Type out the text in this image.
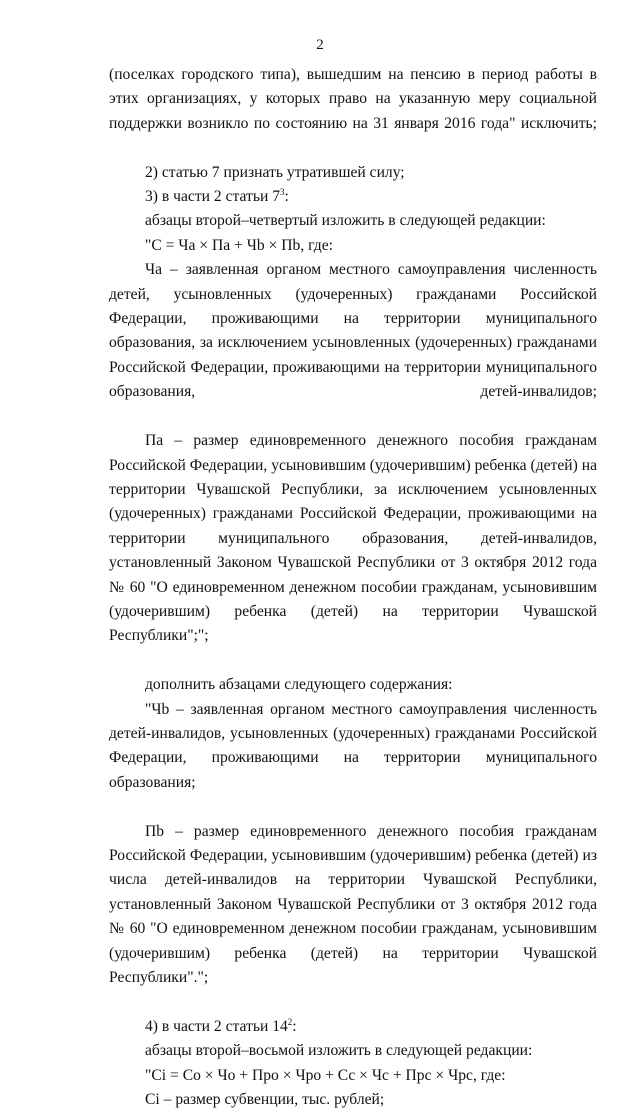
2

(поселках городского типа), вышедшим на пенсию в период работы в этих организациях, у которых право на указанную меру социальной поддержки возникло по состоянию на 31 января 2016 года" исключить;

2) статью 7 признать утратившей силу;

3) в части 2 статьи $7^3$:

абзацы второй–четвертый изложить в следующей редакции:

"С = Ча × Па + Чb × Пb, где:

Ча – заявленная органом местного самоуправления численность детей, усыновленных (удочеренных) гражданами Российской Федерации, проживающими на территории муниципального образования, за исключением усыновленных (удочеренных) гражданами Российской Федерации, проживающими на территории муниципального образования, детей-инвалидов;

Па – размер единовременного денежного пособия гражданам Российской Федерации, усыновившим (удочерившим) ребенка (детей) на территории Чувашской Республики, за исключением усыновленных (удочеренных) гражданами Российской Федерации, проживающими на территории муниципального образования, детей-инвалидов, установленный Законом Чувашской Республики от 3 октября 2012 года № 60 "О единовременном денежном пособии гражданам, усыновившим (удочерившим) ребенка (детей) на территории Чувашской Республики";";

дополнить абзацами следующего содержания:

"Чb – заявленная органом местного самоуправления численность детей-инвалидов, усыновленных (удочеренных) гражданами Российской Федерации, проживающими на территории муниципального образования;

Пb – размер единовременного денежного пособия гражданам Российской Федерации, усыновившим (удочерившим) ребенка (детей) из числа детей-инвалидов на территории Чувашской Республики, установленный Законом Чувашской Республики от 3 октября 2012 года № 60 "О единовременном денежном пособии гражданам, усыновившим (удочерившим) ребенка (детей) на территории Чувашской Республики".";

4) в части 2 статьи $14^2$:

абзацы второй–восьмой изложить в следующей редакции:

"Сi = Со × Чо + Про × Чро + Сс × Чс + Прс × Чрс, где:

Сi – размер субвенции, тыс. рублей;
